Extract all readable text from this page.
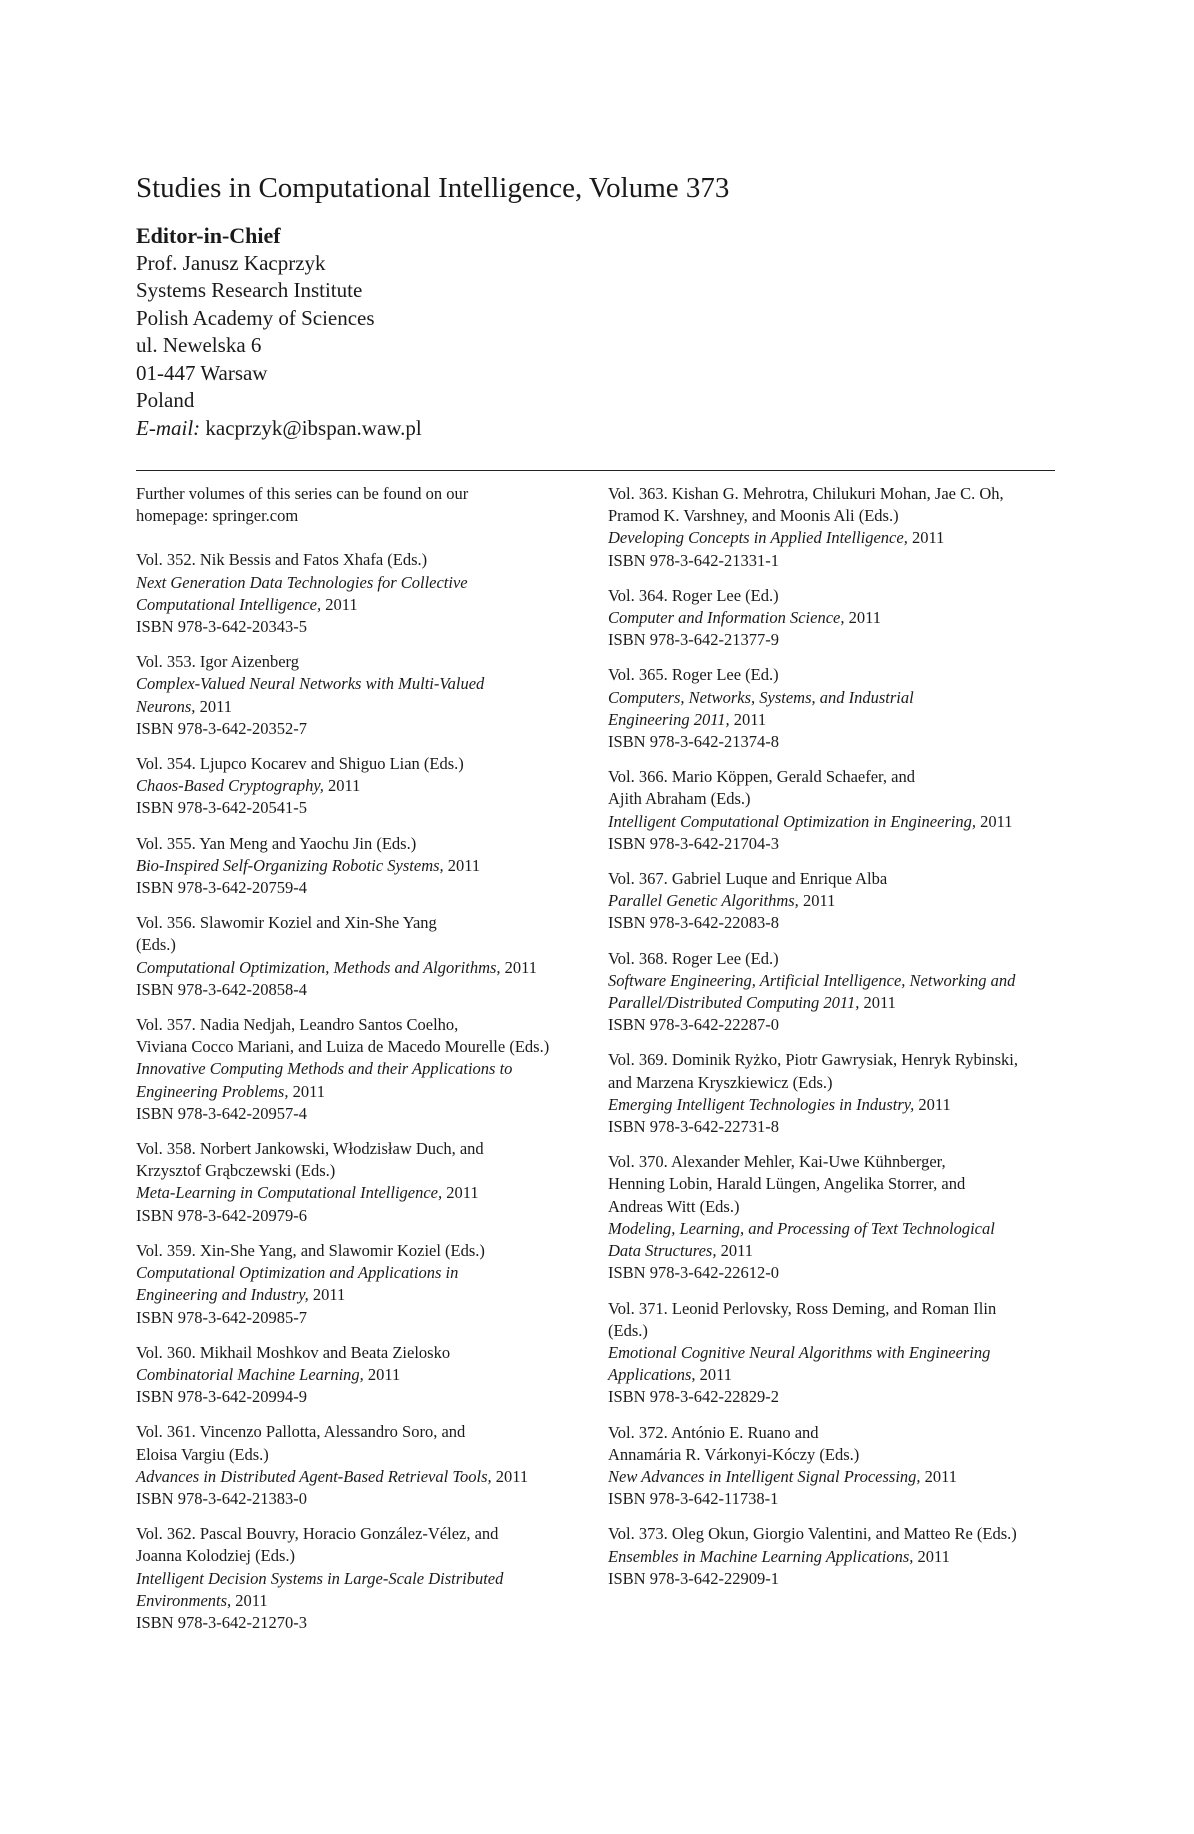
Studies in Computational Intelligence, Volume 373
Editor-in-Chief
Prof. Janusz Kacprzyk
Systems Research Institute
Polish Academy of Sciences
ul. Newelska 6
01-447 Warsaw
Poland
E-mail: kacprzyk@ibspan.waw.pl
Further volumes of this series can be found on our
homepage: springer.com
Vol. 352. Nik Bessis and Fatos Xhafa (Eds.)
Next Generation Data Technologies for Collective
Computational Intelligence, 2011
ISBN 978-3-642-20343-5
Vol. 353. Igor Aizenberg
Complex-Valued Neural Networks with Multi-Valued
Neurons, 2011
ISBN 978-3-642-20352-7
Vol. 354. Ljupco Kocarev and Shiguo Lian (Eds.)
Chaos-Based Cryptography, 2011
ISBN 978-3-642-20541-5
Vol. 355. Yan Meng and Yaochu Jin (Eds.)
Bio-Inspired Self-Organizing Robotic Systems, 2011
ISBN 978-3-642-20759-4
Vol. 356. Slawomir Koziel and Xin-She Yang
(Eds.)
Computational Optimization, Methods and Algorithms, 2011
ISBN 978-3-642-20858-4
Vol. 357. Nadia Nedjah, Leandro Santos Coelho,
Viviana Cocco Mariani, and Luiza de Macedo Mourelle (Eds.)
Innovative Computing Methods and their Applications to
Engineering Problems, 2011
ISBN 978-3-642-20957-4
Vol. 358. Norbert Jankowski, Włodzisław Duch, and
Krzysztof Grąbczewski (Eds.)
Meta-Learning in Computational Intelligence, 2011
ISBN 978-3-642-20979-6
Vol. 359. Xin-She Yang, and Slawomir Koziel (Eds.)
Computational Optimization and Applications in
Engineering and Industry, 2011
ISBN 978-3-642-20985-7
Vol. 360. Mikhail Moshkov and Beata Zielosko
Combinatorial Machine Learning, 2011
ISBN 978-3-642-20994-9
Vol. 361. Vincenzo Pallotta, Alessandro Soro, and
Eloisa Vargiu (Eds.)
Advances in Distributed Agent-Based Retrieval Tools, 2011
ISBN 978-3-642-21383-0
Vol. 362. Pascal Bouvry, Horacio González-Vélez, and
Joanna Kolodziej (Eds.)
Intelligent Decision Systems in Large-Scale Distributed
Environments, 2011
ISBN 978-3-642-21270-3
Vol. 363. Kishan G. Mehrotra, Chilukuri Mohan, Jae C. Oh,
Pramod K. Varshney, and Moonis Ali (Eds.)
Developing Concepts in Applied Intelligence, 2011
ISBN 978-3-642-21331-1
Vol. 364. Roger Lee (Ed.)
Computer and Information Science, 2011
ISBN 978-3-642-21377-9
Vol. 365. Roger Lee (Ed.)
Computers, Networks, Systems, and Industrial
Engineering 2011, 2011
ISBN 978-3-642-21374-8
Vol. 366. Mario Köppen, Gerald Schaefer, and
Ajith Abraham (Eds.)
Intelligent Computational Optimization in Engineering, 2011
ISBN 978-3-642-21704-3
Vol. 367. Gabriel Luque and Enrique Alba
Parallel Genetic Algorithms, 2011
ISBN 978-3-642-22083-8
Vol. 368. Roger Lee (Ed.)
Software Engineering, Artificial Intelligence, Networking and
Parallel/Distributed Computing 2011, 2011
ISBN 978-3-642-22287-0
Vol. 369. Dominik Ryżko, Piotr Gawrysiak, Henryk Rybinski,
and Marzena Kryszkiewicz (Eds.)
Emerging Intelligent Technologies in Industry, 2011
ISBN 978-3-642-22731-8
Vol. 370. Alexander Mehler, Kai-Uwe Kühnberger,
Henning Lobin, Harald Lüngen, Angelika Storrer, and
Andreas Witt (Eds.)
Modeling, Learning, and Processing of Text Technological
Data Structures, 2011
ISBN 978-3-642-22612-0
Vol. 371. Leonid Perlovsky, Ross Deming, and Roman Ilin
(Eds.)
Emotional Cognitive Neural Algorithms with Engineering
Applications, 2011
ISBN 978-3-642-22829-2
Vol. 372. António E. Ruano and
Annamária R. Várkonyi-Kóczy (Eds.)
New Advances in Intelligent Signal Processing, 2011
ISBN 978-3-642-11738-1
Vol. 373. Oleg Okun, Giorgio Valentini, and Matteo Re (Eds.)
Ensembles in Machine Learning Applications, 2011
ISBN 978-3-642-22909-1
